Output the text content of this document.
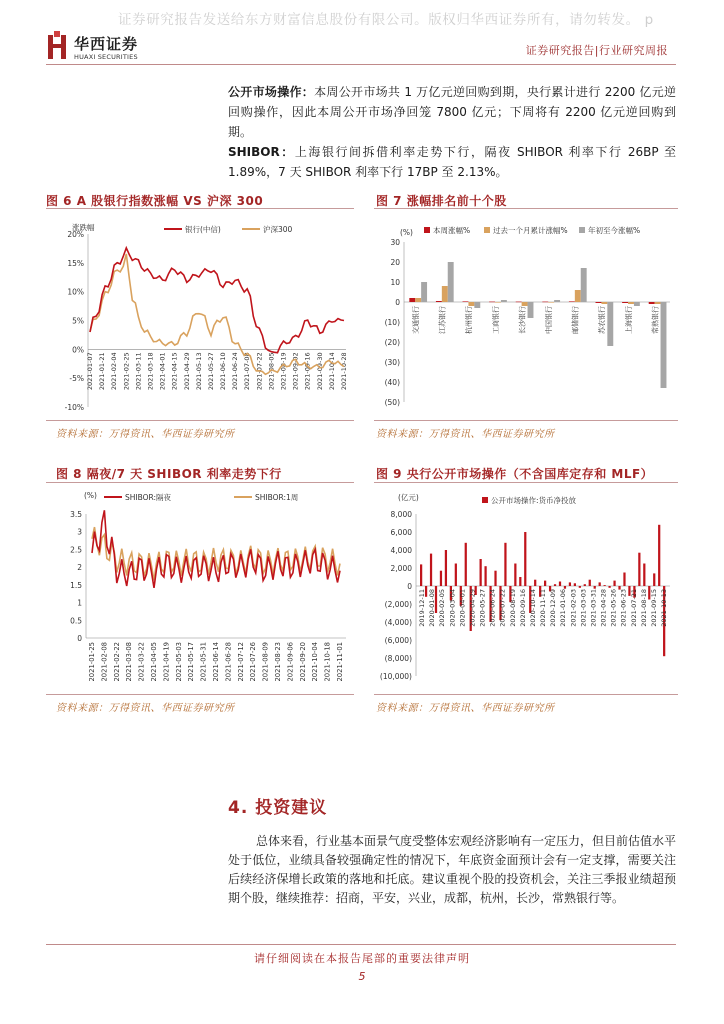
证券研究报告发送给东方财富信息股份有限公司。版权归华西证券所有，请勿转发。 p
华西证券
HUAXI SECURITIES	证券研究报告|行业研究周报
公开市场操作：本周公开市场共 1 万亿元逆回购到期，央行累计进行 2200 亿元逆回购操作，因此本周公开市场净回笼 7800 亿元；下周将有 2200 亿元逆回购到期。
SHIBOR：上海银行间拆借利率走势下行，隔夜 SHIBOR 利率下行 26BP 至 1.89%，7 天 SHIBOR 利率下行 17BP 至 2.13%。
图 6 A 股银行指数涨幅 VS 沪深 300
涨跌幅
20%
15%
10%
5%
0%
-5%
-10%
2021-01-07 2021-01-21 2021-02-04 2021-02-25 2021-03-11 2021-03-18 2021-04-01 2021-04-15 2021-04-29 2021-05-13 2021-05-27 2021-06-10 2021-06-24 2021-07-08 2021-07-22 2021-08-05 2021-08-19 2021-09-02 2021-09-16 2021-09-30 2021-10-14 2021-10-28
银行(中信)	沪深300
资料来源：万得资讯、华西证券研究所
图 7 涨幅排名前十个股
(%)
30
20
10
0
(10)
(20)
(30)
(40)
(50)
交通银行	江苏银行	杭州银行	工商银行	长沙银行	中国银行	邮储银行	苏农银行	上海银行	常熟银行
本周涨幅%	过去一个月累计涨幅%	年初至今涨幅%
资料来源：万得资讯、华西证券研究所
图 8 隔夜/7 天 SHIBOR 利率走势下行
(%)
3.5
3
2.5
2
1.5
1
0.5
0
2021-01-25 2021-02-08 2021-02-22 2021-03-08 2021-03-22 2021-04-05 2021-04-19 2021-05-03 2021-05-17 2021-05-31 2021-06-14 2021-06-28 2021-07-12 2021-07-26 2021-08-09 2021-08-23 2021-09-06 2021-09-20 2021-10-04 2021-10-18 2021-11-01
SHIBOR:隔夜	SHIBOR:1周
资料来源：万得资讯、华西证券研究所
图 9 央行公开市场操作（不含国库定存和 MLF）
(亿元)
8,000
6,000
4,000
2,000
0
(2,000)
(4,000)
(6,000)
(8,000)
(10,000)
2019-12-11 2020-01-08 2020-02-05 2020-03-04 2020-04-01 2020-04-29 2020-05-27 2020-06-24 2020-07-22 2020-08-19 2020-09-16 2020-10-14 2020-11-11 2020-12-09 2021-01-06 2021-02-03 2021-03-03 2021-03-31 2021-04-28 2021-05-26 2021-06-23 2021-07-21 2021-08-18 2021-09-15 2021-10-13
公开市场操作:货币净投放
资料来源：万得资讯、华西证券研究所
4. 投资建议
总体来看，行业基本面景气度受整体宏观经济影响有一定压力，但目前估值水平处于低位，业绩具备较强确定性的情况下，年底资金面预计会有一定支撑，需要关注后续经济保增长政策的落地和托底。建议重视个股的投资机会，关注三季报业绩超预期个股，继续推荐：招商，平安，兴业，成都，杭州，长沙，常熟银行等。
请仔细阅读在本报告尾部的重要法律声明
5
